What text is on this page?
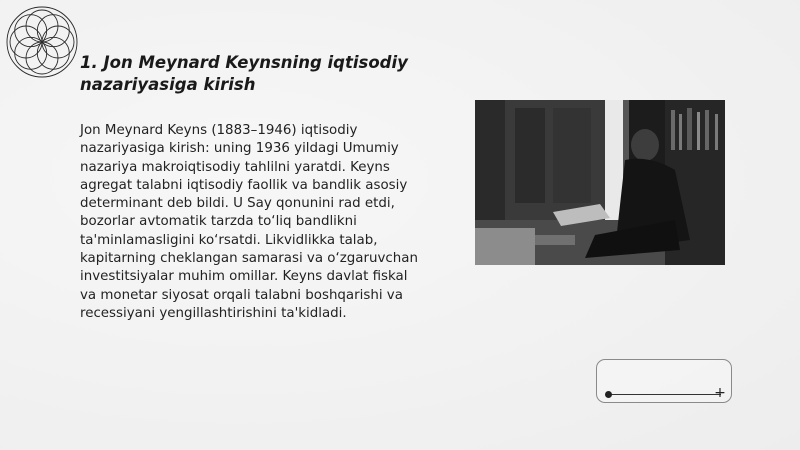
1. Jon Meynard Keynsning iqtisodiy nazariyasiga kirish

Jon Meynard Keyns (1883–1946) iqtisodiy nazariyasiga kirish: uning 1936 yildagi Umumiy nazariya makroiqtisodiy tahlilni yaratdi. Keyns agregat talabni iqtisodiy faollik va bandlik asosiy determinant deb bildi. U Say qonunini rad etdi, bozorlar avtomatik tarzda to‘liq bandlikni ta'minlamasligini ko‘rsatdi. Likvidlikka talab, kapitarning cheklangan samarasi va o‘zgaruvchan investitsiyalar muhim omillar. Keyns davlat fiskal va monetar siyosat orqali talabni boshqarishi va recessiyani yengillashtirishini ta'kidladi.

+
